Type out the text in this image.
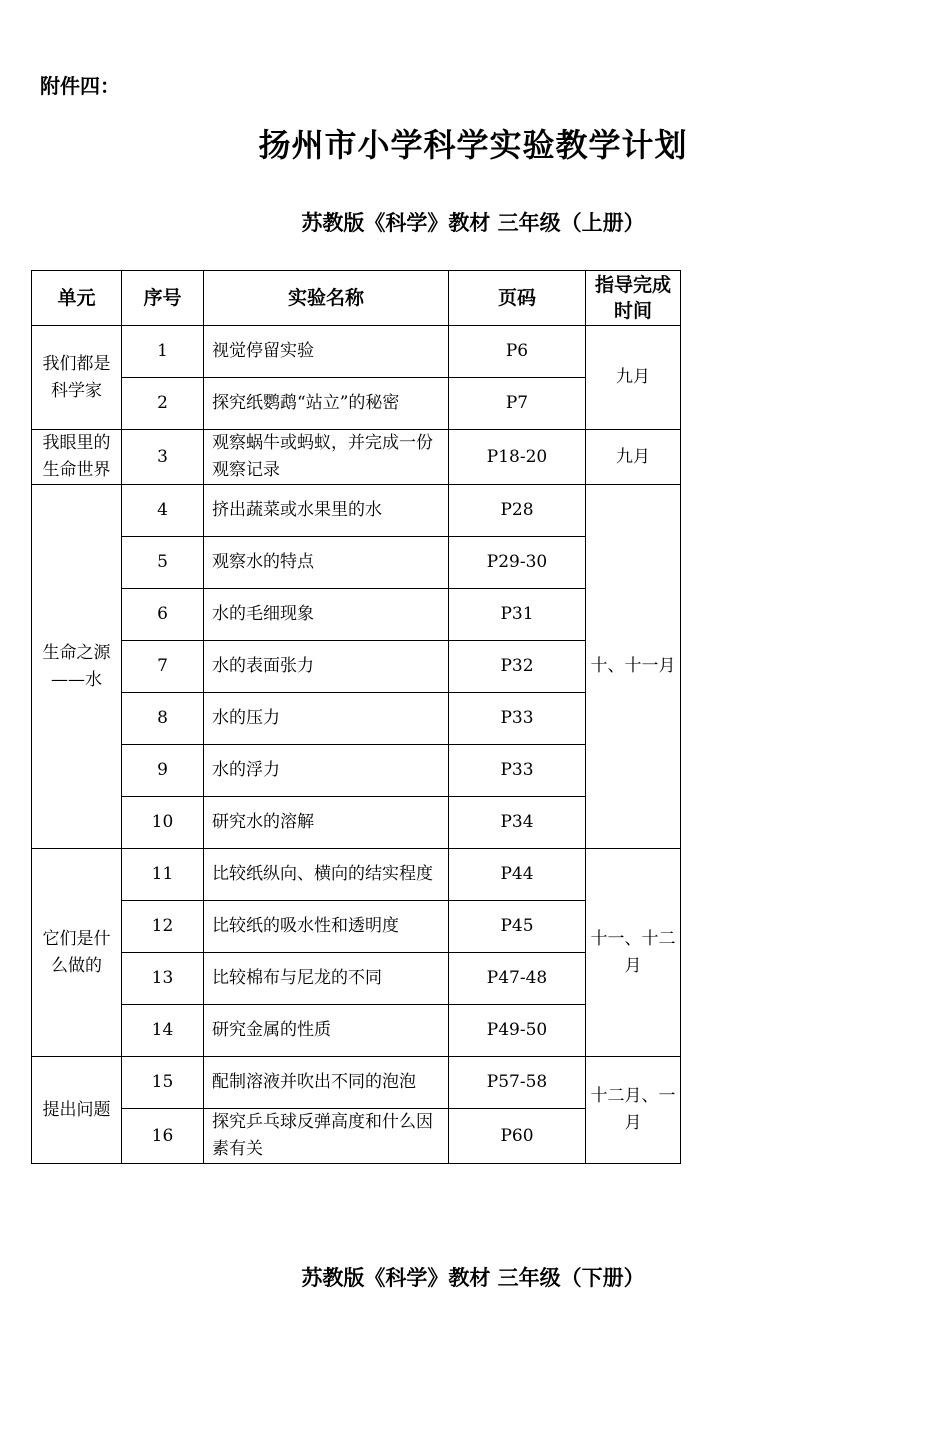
附件四：
扬州市小学科学实验教学计划
苏教版《科学》教材 三年级（上册）
单元	序号	实验名称	页码	指导完成时间
我们都是科学家	1	视觉停留实验	P6	九月
	2	探究纸鹦鹉“站立”的秘密	P7	
我眼里的生命世界	3	观察蜗牛或蚂蚁，并完成一份观察记录	P18-20	九月
生命之源——水	4	挤出蔬菜或水果里的水	P28	十、十一月
	5	观察水的特点	P29-30	
	6	水的毛细现象	P31	
	7	水的表面张力	P32	
	8	水的压力	P33	
	9	水的浮力	P33	
	10	研究水的溶解	P34	
它们是什么做的	11	比较纸纵向、横向的结实程度	P44	十一、十二月
	12	比较纸的吸水性和透明度	P45	
	13	比较棉布与尼龙的不同	P47-48	
	14	研究金属的性质	P49-50	
提出问题	15	配制溶液并吹出不同的泡泡	P57-58	十二月、一月
	16	探究乒乓球反弹高度和什么因素有关	P60	
苏教版《科学》教材 三年级（下册）
